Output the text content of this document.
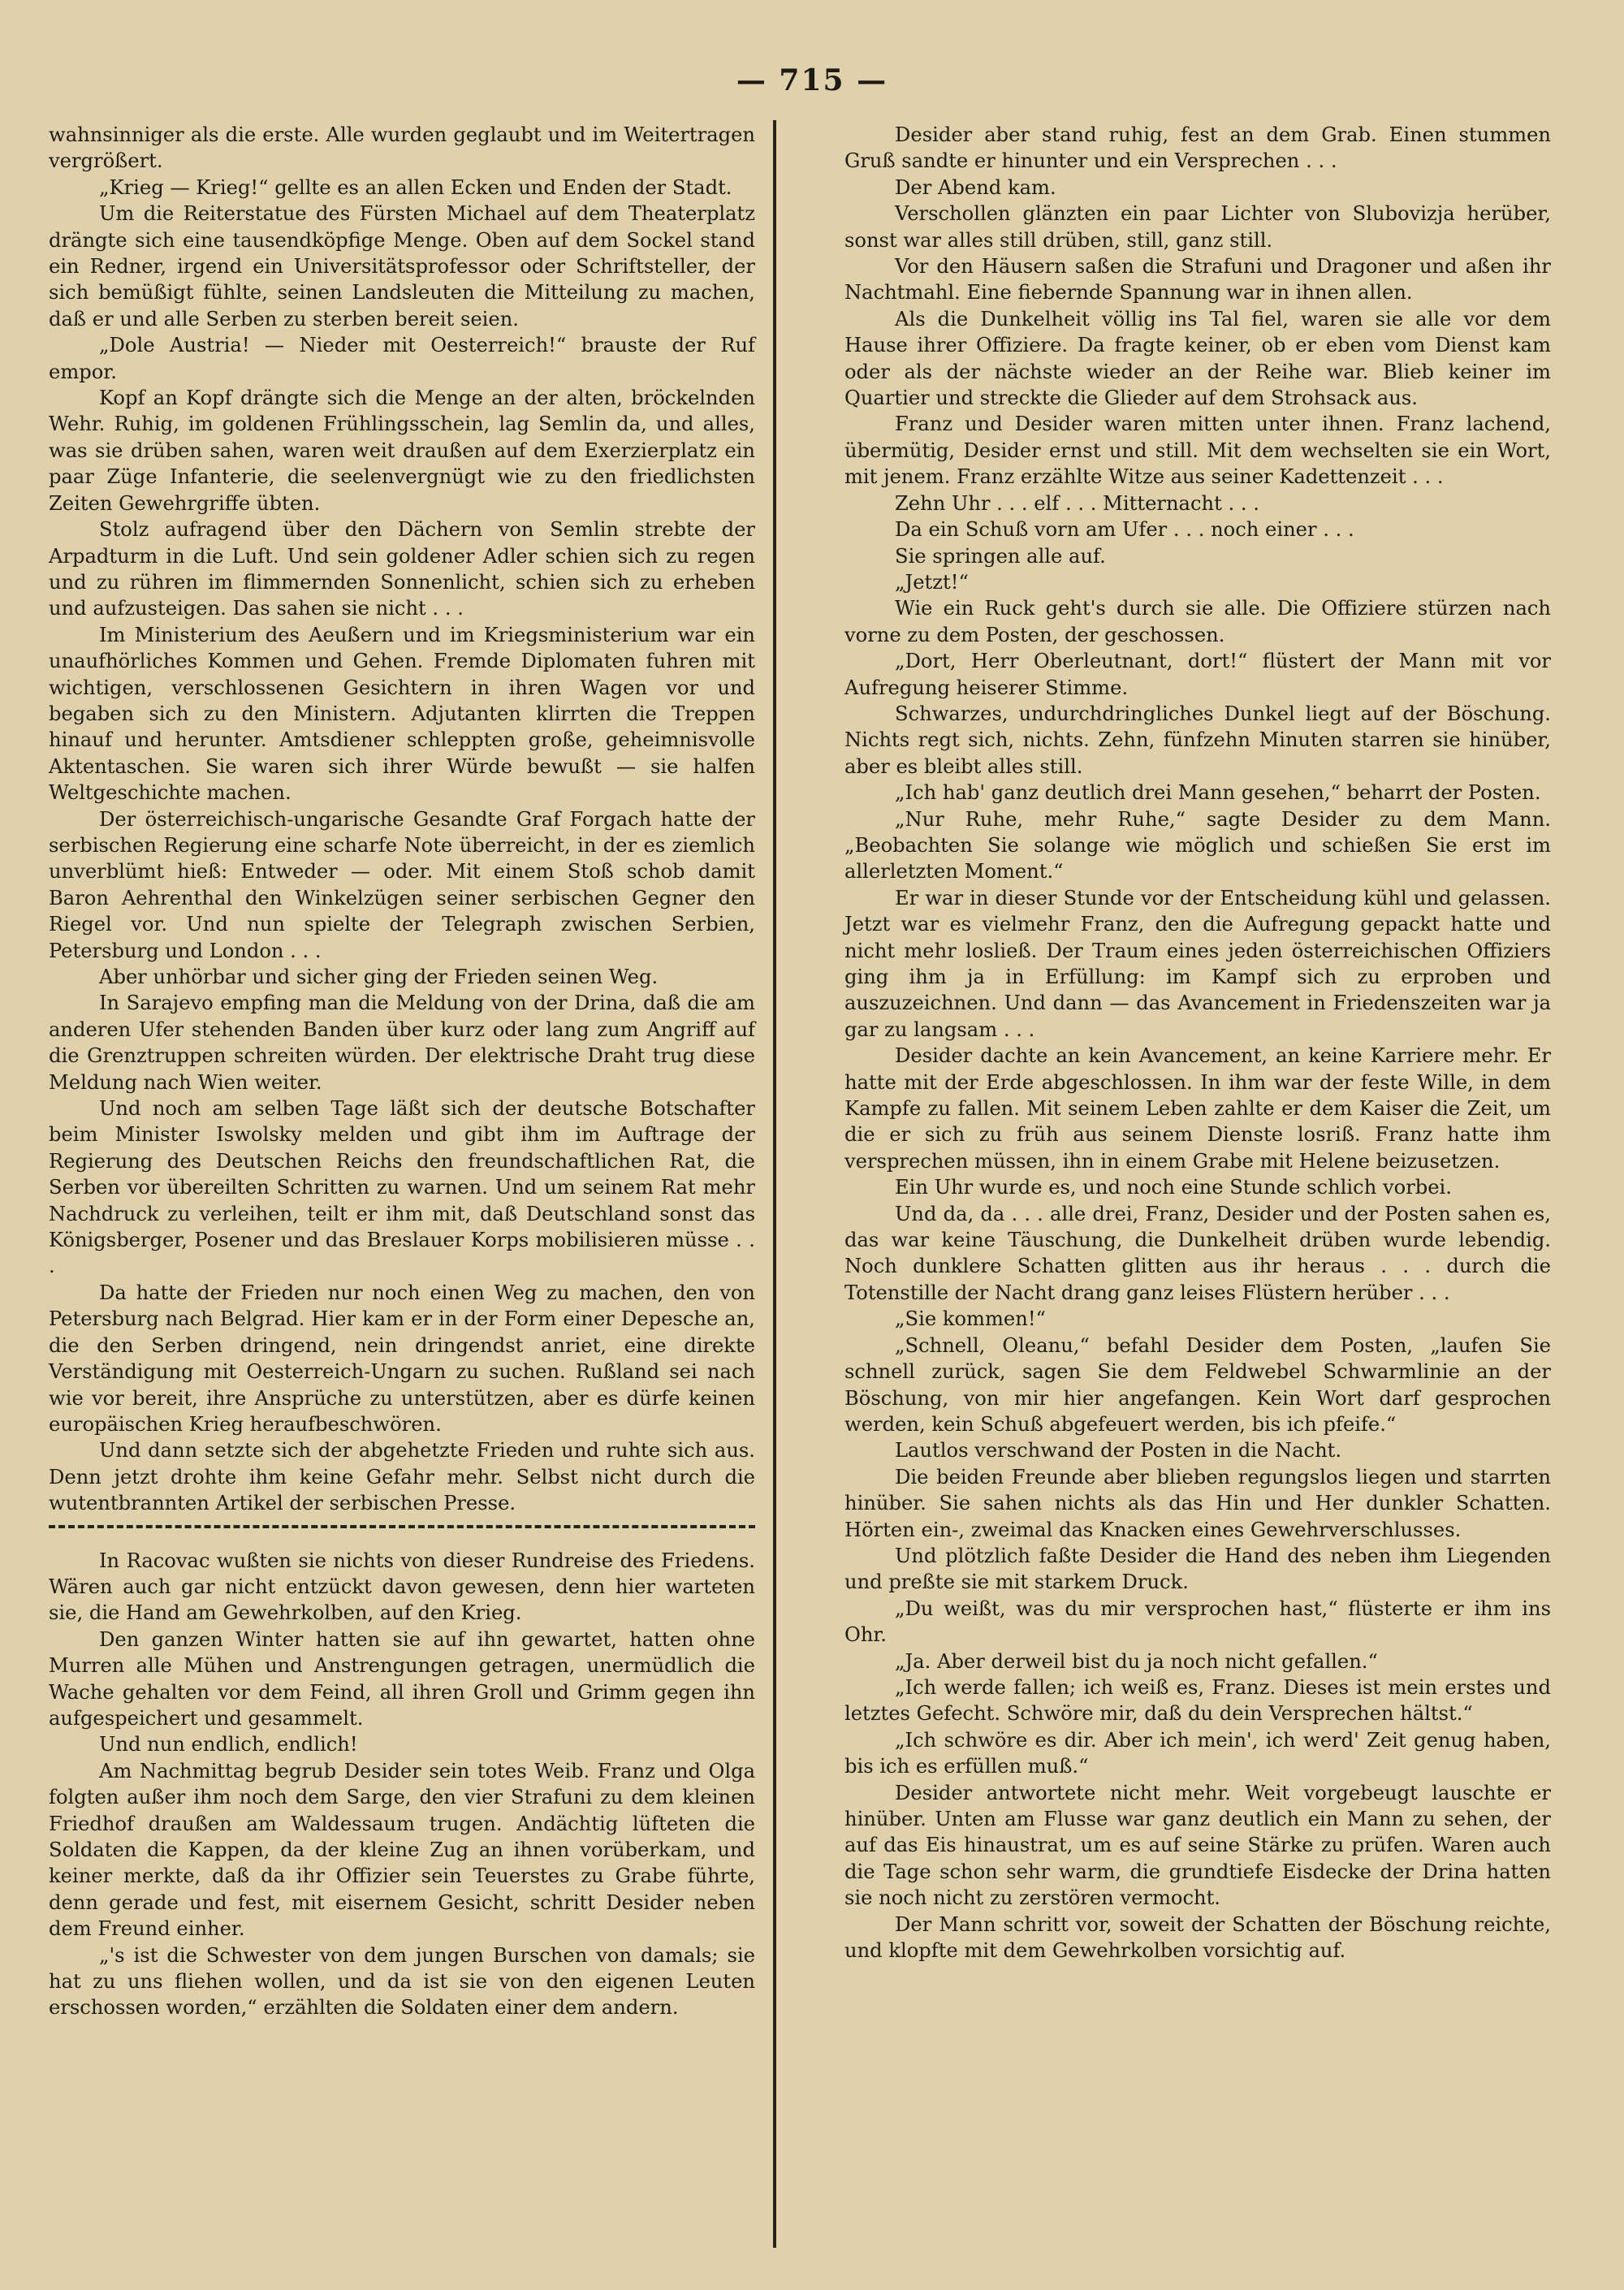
— 715 —

wahnsinniger als die erste. Alle wurden geglaubt und im Weitertragen vergrößert.

„Krieg — Krieg!“ gellte es an allen Ecken und Enden der Stadt.

Um die Reiterstatue des Fürsten Michael auf dem Theaterplatz drängte sich eine tausendköpfige Menge. Oben auf dem Sockel stand ein Redner, irgend ein Universitätsprofessor oder Schriftsteller, der sich bemüßigt fühlte, seinen Landsleuten die Mitteilung zu machen, daß er und alle Serben zu sterben bereit seien.

„Dole Austria! — Nieder mit Oesterreich!“ brauste der Ruf empor.

Kopf an Kopf drängte sich die Menge an der alten, bröckelnden Wehr. Ruhig, im goldenen Frühlingsschein, lag Semlin da, und alles, was sie drüben sahen, waren weit draußen auf dem Exerzierplatz ein paar Züge Infanterie, die seelenvergnügt wie zu den friedlichsten Zeiten Gewehrgriffe übten.

Stolz aufragend über den Dächern von Semlin strebte der Arpadturm in die Luft. Und sein goldener Adler schien sich zu regen und zu rühren im flimmernden Sonnenlicht, schien sich zu erheben und aufzusteigen. Das sahen sie nicht . . .

Im Ministerium des Aeußern und im Kriegsministerium war ein unaufhörliches Kommen und Gehen. Fremde Diplomaten fuhren mit wichtigen, verschlossenen Gesichtern in ihren Wagen vor und begaben sich zu den Ministern. Adjutanten klirrten die Treppen hinauf und herunter. Amtsdiener schleppten große, geheimnisvolle Aktentaschen. Sie waren sich ihrer Würde bewußt — sie halfen Weltgeschichte machen.

Der österreichisch-ungarische Gesandte Graf Forgach hatte der serbischen Regierung eine scharfe Note überreicht, in der es ziemlich unverblümt hieß: Entweder — oder. Mit einem Stoß schob damit Baron Aehrenthal den Winkelzügen seiner serbischen Gegner den Riegel vor. Und nun spielte der Telegraph zwischen Serbien, Petersburg und London . . .

Aber unhörbar und sicher ging der Frieden seinen Weg.

In Sarajevo empfing man die Meldung von der Drina, daß die am anderen Ufer stehenden Banden über kurz oder lang zum Angriff auf die Grenztruppen schreiten würden. Der elektrische Draht trug diese Meldung nach Wien weiter.

Und noch am selben Tage läßt sich der deutsche Botschafter beim Minister Iswolsky melden und gibt ihm im Auftrage der Regierung des Deutschen Reichs den freundschaftlichen Rat, die Serben vor übereilten Schritten zu warnen. Und um seinem Rat mehr Nachdruck zu verleihen, teilt er ihm mit, daß Deutschland sonst das Königsberger, Posener und das Breslauer Korps mobilisieren müsse . . .

Da hatte der Frieden nur noch einen Weg zu machen, den von Petersburg nach Belgrad. Hier kam er in der Form einer Depesche an, die den Serben dringend, nein dringendst anriet, eine direkte Verständigung mit Oesterreich-Ungarn zu suchen. Rußland sei nach wie vor bereit, ihre Ansprüche zu unterstützen, aber es dürfe keinen europäischen Krieg heraufbeschwören.

Und dann setzte sich der abgehetzte Frieden und ruhte sich aus. Denn jetzt drohte ihm keine Gefahr mehr. Selbst nicht durch die wutentbrannten Artikel der serbischen Presse.

In Racovac wußten sie nichts von dieser Rundreise des Friedens. Wären auch gar nicht entzückt davon gewesen, denn hier warteten sie, die Hand am Gewehrkolben, auf den Krieg.

Den ganzen Winter hatten sie auf ihn gewartet, hatten ohne Murren alle Mühen und Anstrengungen getragen, unermüdlich die Wache gehalten vor dem Feind, all ihren Groll und Grimm gegen ihn aufgespeichert und gesammelt.

Und nun endlich, endlich!

Am Nachmittag begrub Desider sein totes Weib. Franz und Olga folgten außer ihm noch dem Sarge, den vier Strafuni zu dem kleinen Friedhof draußen am Waldessaum trugen. Andächtig lüfteten die Soldaten die Kappen, da der kleine Zug an ihnen vorüberkam, und keiner merkte, daß da ihr Offizier sein Teuerstes zu Grabe führte, denn gerade und fest, mit eisernem Gesicht, schritt Desider neben dem Freund einher.

„'s ist die Schwester von dem jungen Burschen von damals; sie hat zu uns fliehen wollen, und da ist sie von den eigenen Leuten erschossen worden,“ erzählten die Soldaten einer dem andern.

Desider aber stand ruhig, fest an dem Grab. Einen stummen Gruß sandte er hinunter und ein Versprechen . . .

Der Abend kam.

Verschollen glänzten ein paar Lichter von Slubovizja herüber, sonst war alles still drüben, still, ganz still.

Vor den Häusern saßen die Strafuni und Dragoner und aßen ihr Nachtmahl. Eine fiebernde Spannung war in ihnen allen.

Als die Dunkelheit völlig ins Tal fiel, waren sie alle vor dem Hause ihrer Offiziere. Da fragte keiner, ob er eben vom Dienst kam oder als der nächste wieder an der Reihe war. Blieb keiner im Quartier und streckte die Glieder auf dem Strohsack aus.

Franz und Desider waren mitten unter ihnen. Franz lachend, übermütig, Desider ernst und still. Mit dem wechselten sie ein Wort, mit jenem. Franz erzählte Witze aus seiner Kadettenzeit . . .

Zehn Uhr . . . elf . . . Mitternacht . . .

Da ein Schuß vorn am Ufer . . . noch einer . . .

Sie springen alle auf.

„Jetzt!“

Wie ein Ruck geht's durch sie alle. Die Offiziere stürzen nach vorne zu dem Posten, der geschossen.

„Dort, Herr Oberleutnant, dort!“ flüstert der Mann mit vor Aufregung heiserer Stimme.

Schwarzes, undurchdringliches Dunkel liegt auf der Böschung. Nichts regt sich, nichts. Zehn, fünfzehn Minuten starren sie hinüber, aber es bleibt alles still.

„Ich hab' ganz deutlich drei Mann gesehen,“ beharrt der Posten.

„Nur Ruhe, mehr Ruhe,“ sagte Desider zu dem Mann. „Beobachten Sie solange wie möglich und schießen Sie erst im allerletzten Moment.“

Er war in dieser Stunde vor der Entscheidung kühl und gelassen. Jetzt war es vielmehr Franz, den die Aufregung gepackt hatte und nicht mehr losließ. Der Traum eines jeden österreichischen Offiziers ging ihm ja in Erfüllung: im Kampf sich zu erproben und auszuzeichnen. Und dann — das Avancement in Friedenszeiten war ja gar zu langsam . . .

Desider dachte an kein Avancement, an keine Karriere mehr. Er hatte mit der Erde abgeschlossen. In ihm war der feste Wille, in dem Kampfe zu fallen. Mit seinem Leben zahlte er dem Kaiser die Zeit, um die er sich zu früh aus seinem Dienste losriß. Franz hatte ihm versprechen müssen, ihn in einem Grabe mit Helene beizusetzen.

Ein Uhr wurde es, und noch eine Stunde schlich vorbei.

Und da, da . . . alle drei, Franz, Desider und der Posten sahen es, das war keine Täuschung, die Dunkelheit drüben wurde lebendig. Noch dunklere Schatten glitten aus ihr heraus . . . durch die Totenstille der Nacht drang ganz leises Flüstern herüber . . .

„Sie kommen!“

„Schnell, Oleanu,“ befahl Desider dem Posten, „laufen Sie schnell zurück, sagen Sie dem Feldwebel Schwarmlinie an der Böschung, von mir hier angefangen. Kein Wort darf gesprochen werden, kein Schuß abgefeuert werden, bis ich pfeife.“

Lautlos verschwand der Posten in die Nacht.

Die beiden Freunde aber blieben regungslos liegen und starrten hinüber. Sie sahen nichts als das Hin und Her dunkler Schatten. Hörten ein-, zweimal das Knacken eines Gewehrverschlusses.

Und plötzlich faßte Desider die Hand des neben ihm Liegenden und preßte sie mit starkem Druck.

„Du weißt, was du mir versprochen hast,“ flüsterte er ihm ins Ohr.

„Ja. Aber derweil bist du ja noch nicht gefallen.“

„Ich werde fallen; ich weiß es, Franz. Dieses ist mein erstes und letztes Gefecht. Schwöre mir, daß du dein Versprechen hältst.“

„Ich schwöre es dir. Aber ich mein', ich werd' Zeit genug haben, bis ich es erfüllen muß.“

Desider antwortete nicht mehr. Weit vorgebeugt lauschte er hinüber. Unten am Flusse war ganz deutlich ein Mann zu sehen, der auf das Eis hinaustrat, um es auf seine Stärke zu prüfen. Waren auch die Tage schon sehr warm, die grundtiefe Eisdecke der Drina hatten sie noch nicht zu zerstören vermocht.

Der Mann schritt vor, soweit der Schatten der Böschung reichte, und klopfte mit dem Gewehrkolben vorsichtig auf.
